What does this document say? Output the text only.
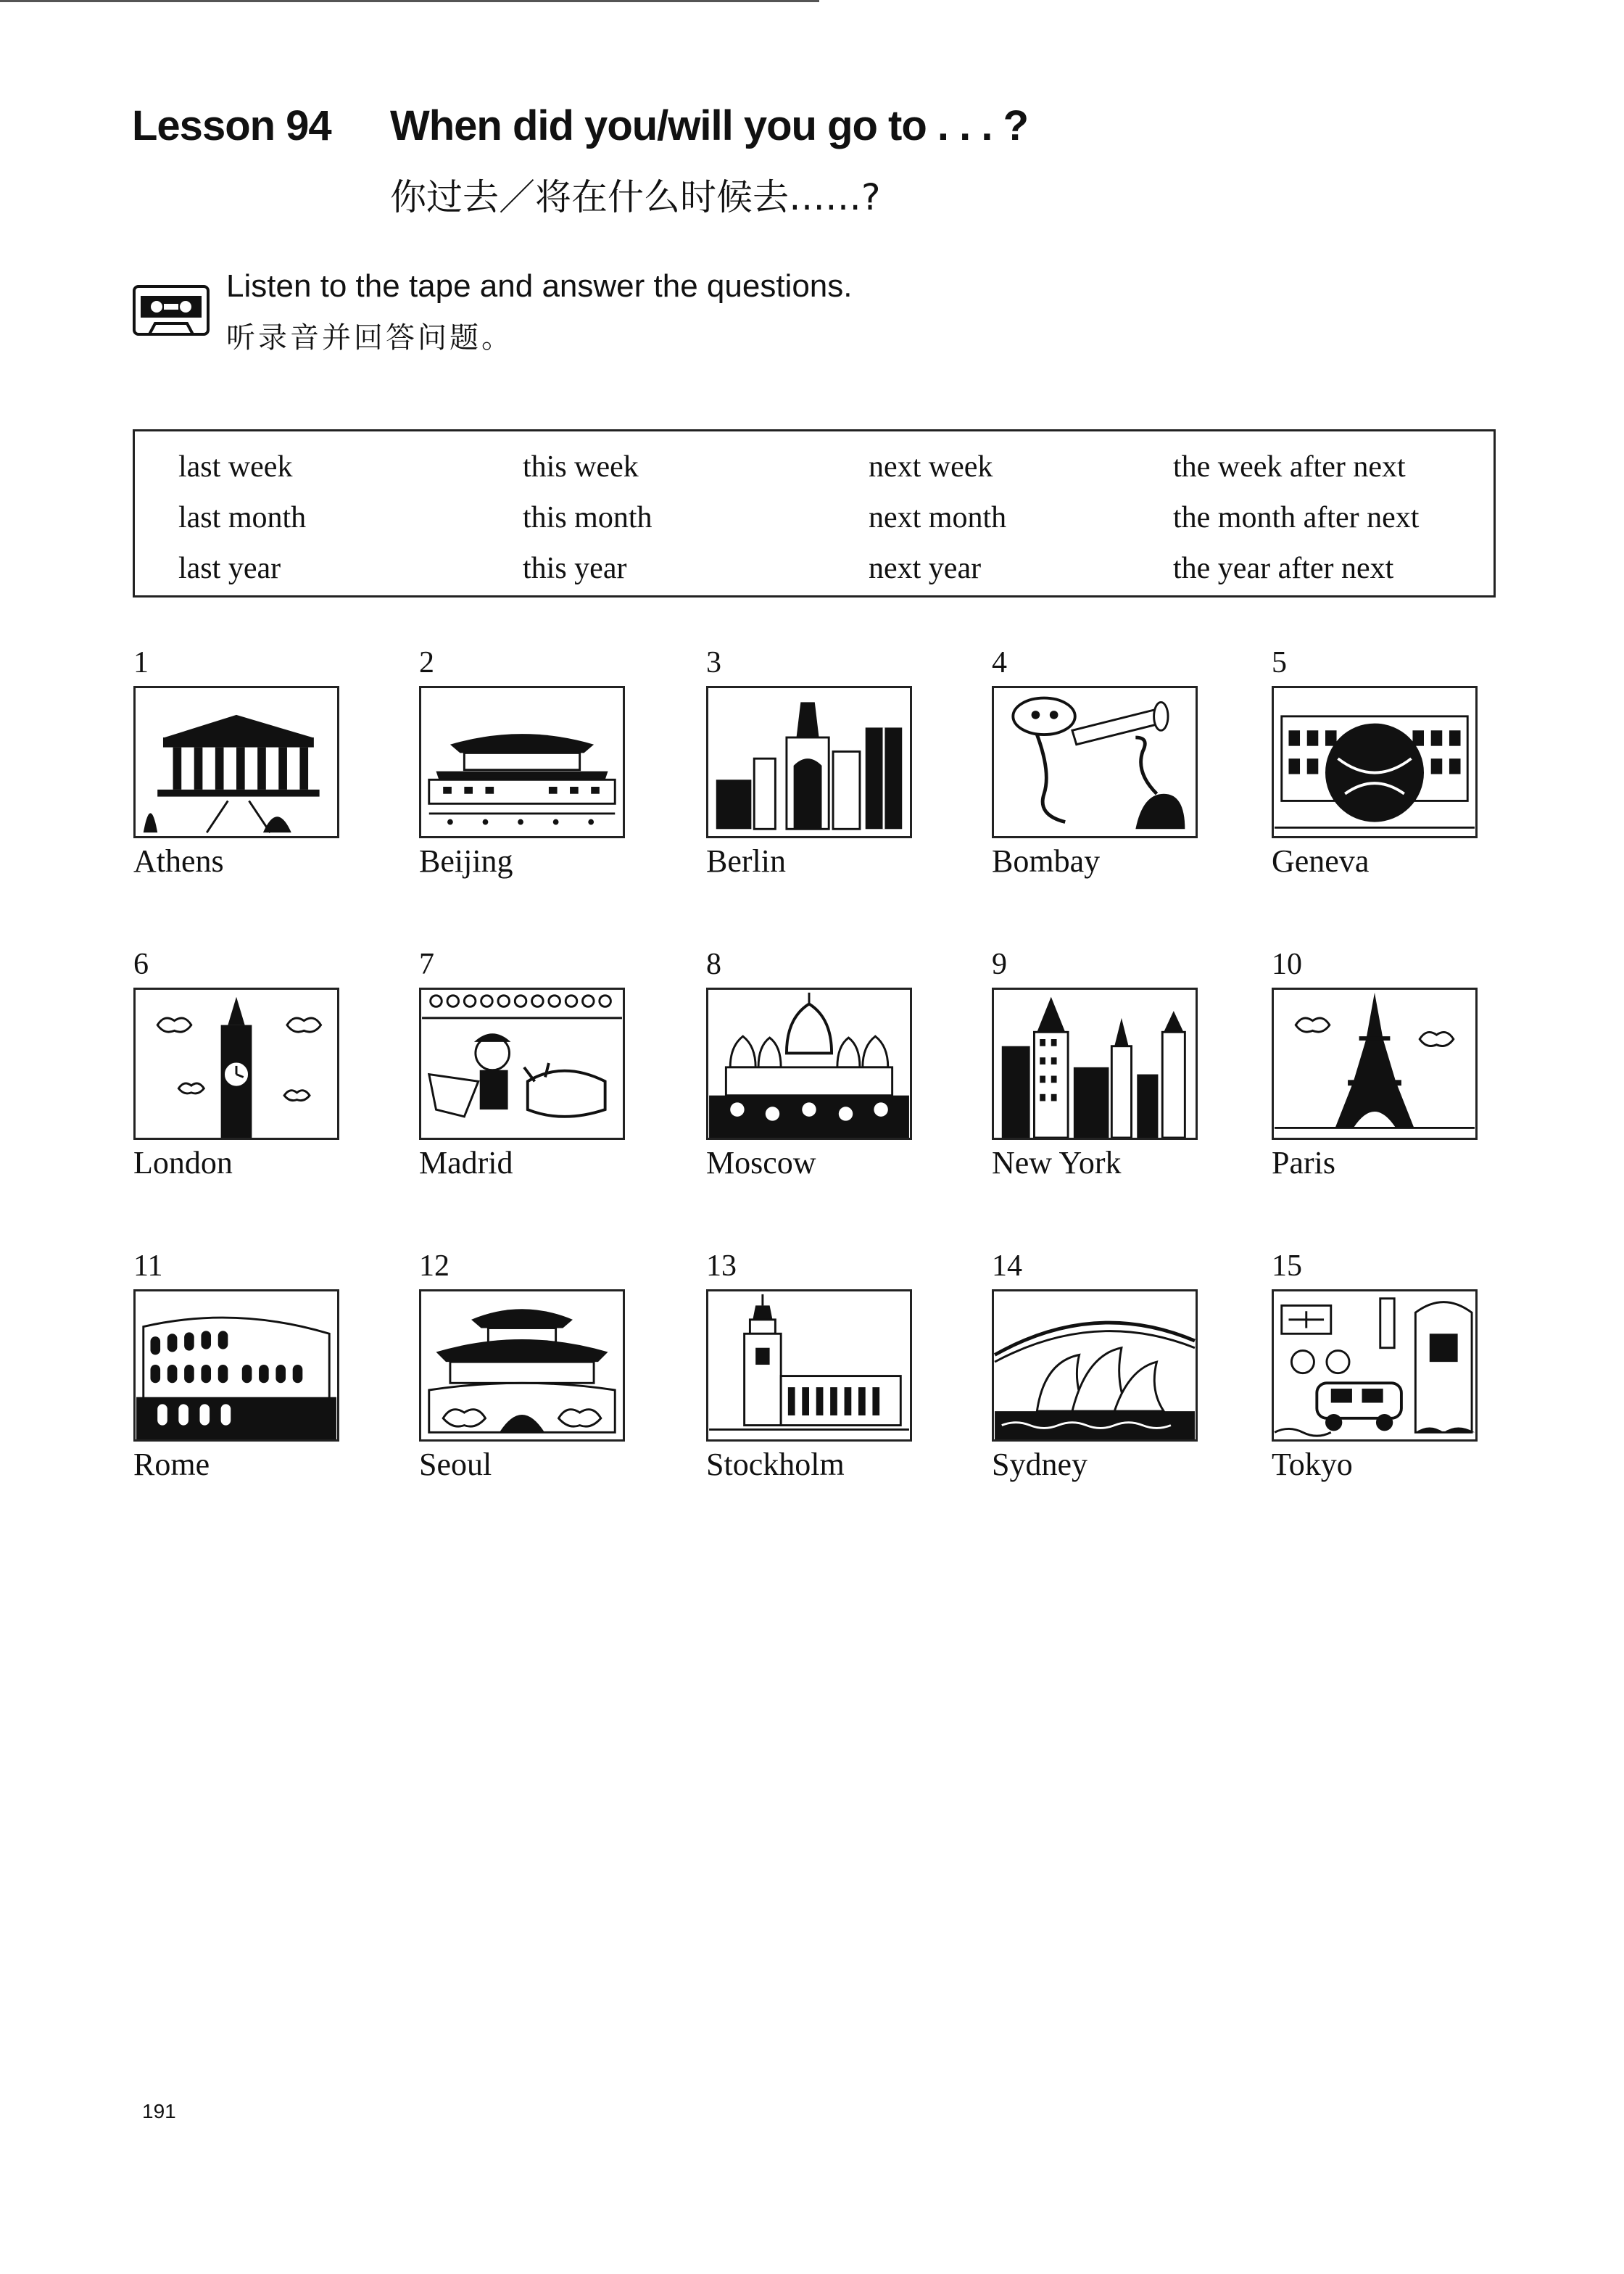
Lesson 94 When did you/will you go to . . . ?
你过去／将在什么时候去……?
Listen to the tape and answer the questions.
听录音并回答问题。
last week
last month
last year
this week
this month
this year
next week
next month
next year
the week after next
the month after next
the year after next
1
Athens
2
Beijing
3
Berlin
4
Bombay
5
Geneva
6
London
7
Madrid
8
Moscow
9
New York
10
Paris
11
Rome
12
Seoul
13
Stockholm
14
Sydney
15
Tokyo
191
